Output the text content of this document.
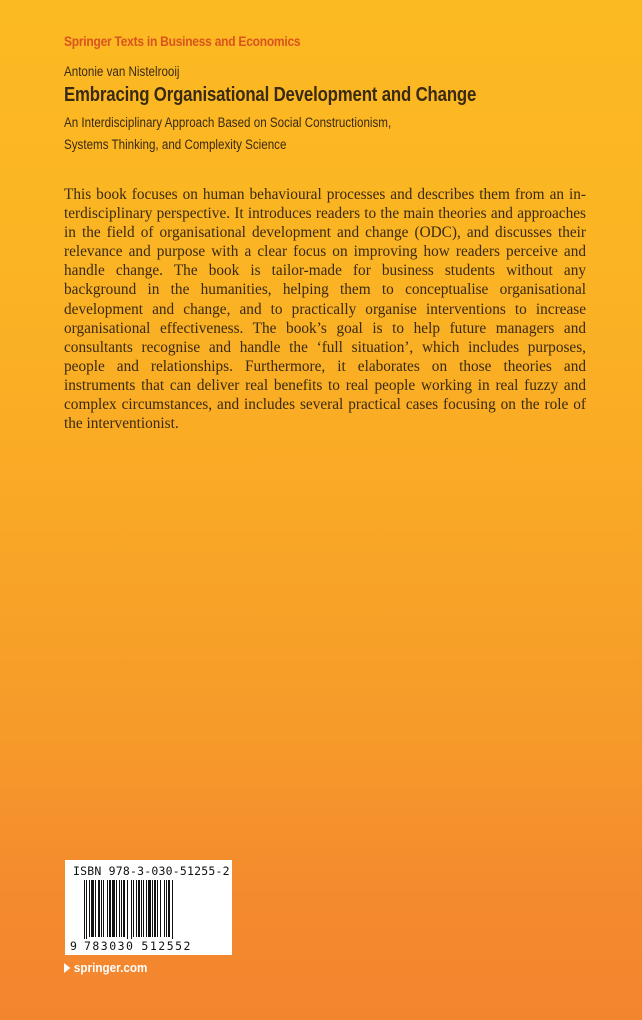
Springer Texts in Business and Economics
Antonie van Nistelrooij
Embracing Organisational Development and Change
An Interdisciplinary Approach Based on Social Constructionism,
Systems Thinking, and Complexity Science
This book focuses on human behavioural processes and describes them from an interdisciplinary perspective. It introduces readers to the main theories and approaches in the field of organisational development and change (ODC), and discusses their relevance and purpose with a clear focus on improving how readers perceive and handle change. The book is tailor-made for business students without any background in the humanities, helping them to conceptualise organisational development and change, and to practically organise interventions to increase organisational effectiveness. The book’s goal is to help future managers and consultants recognise and handle the ‘full situation’, which includes purposes, people and relationships. Furthermore, it elaborates on those theories and instruments that can deliver real benefits to real people working in real fuzzy and complex circumstances, and includes several practical cases focusing on the role of the interventionist.
ISBN 978-3-030-51255-2
9 783030 512552
springer.com
